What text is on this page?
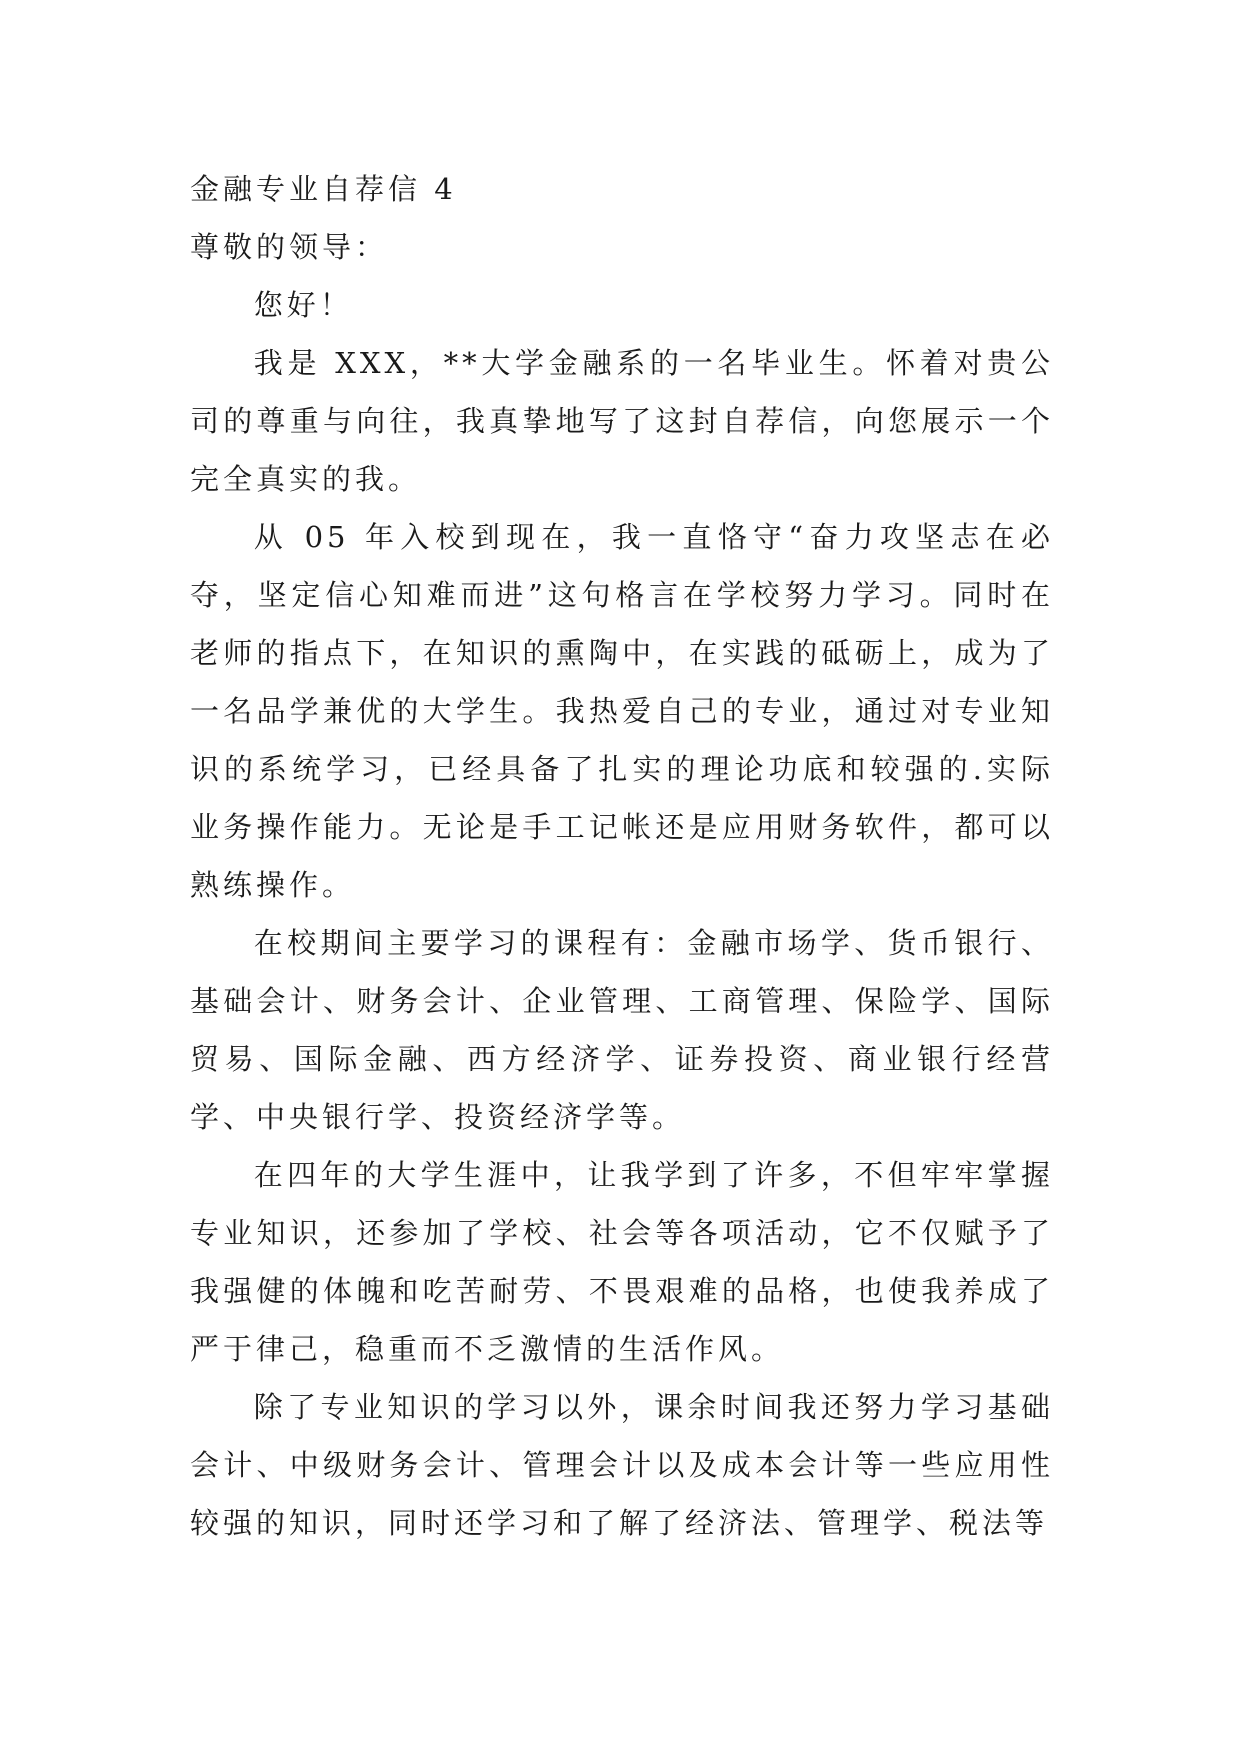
金融专业自荐信 4
尊敬的领导：
您好！

我是 XXX，**大学金融系的一名毕业生。怀着对贵公司的尊重与向往，我真挚地写了这封自荐信，向您展示一个完全真实的我。

从 05 年入校到现在，我一直恪守“奋力攻坚志在必夺，坚定信心知难而进”这句格言在学校努力学习。同时在老师的指点下，在知识的熏陶中，在实践的砥砺上，成为了一名品学兼优的大学生。我热爱自己的专业，通过对专业知识的系统学习，已经具备了扎实的理论功底和较强的.实际业务操作能力。无论是手工记帐还是应用财务软件，都可以熟练操作。

在校期间主要学习的课程有：金融市场学、货币银行、基础会计、财务会计、企业管理、工商管理、保险学、国际贸易、国际金融、西方经济学、证券投资、商业银行经营学、中央银行学、投资经济学等。

在四年的大学生涯中，让我学到了许多，不但牢牢掌握专业知识，还参加了学校、社会等各项活动，它不仅赋予了我强健的体魄和吃苦耐劳、不畏艰难的品格，也使我养成了严于律己，稳重而不乏激情的生活作风。

除了专业知识的学习以外，课余时间我还努力学习基础会计、中级财务会计、管理会计以及成本会计等一些应用性较强的知识，同时还学习和了解了经济法、管理学、税法等
